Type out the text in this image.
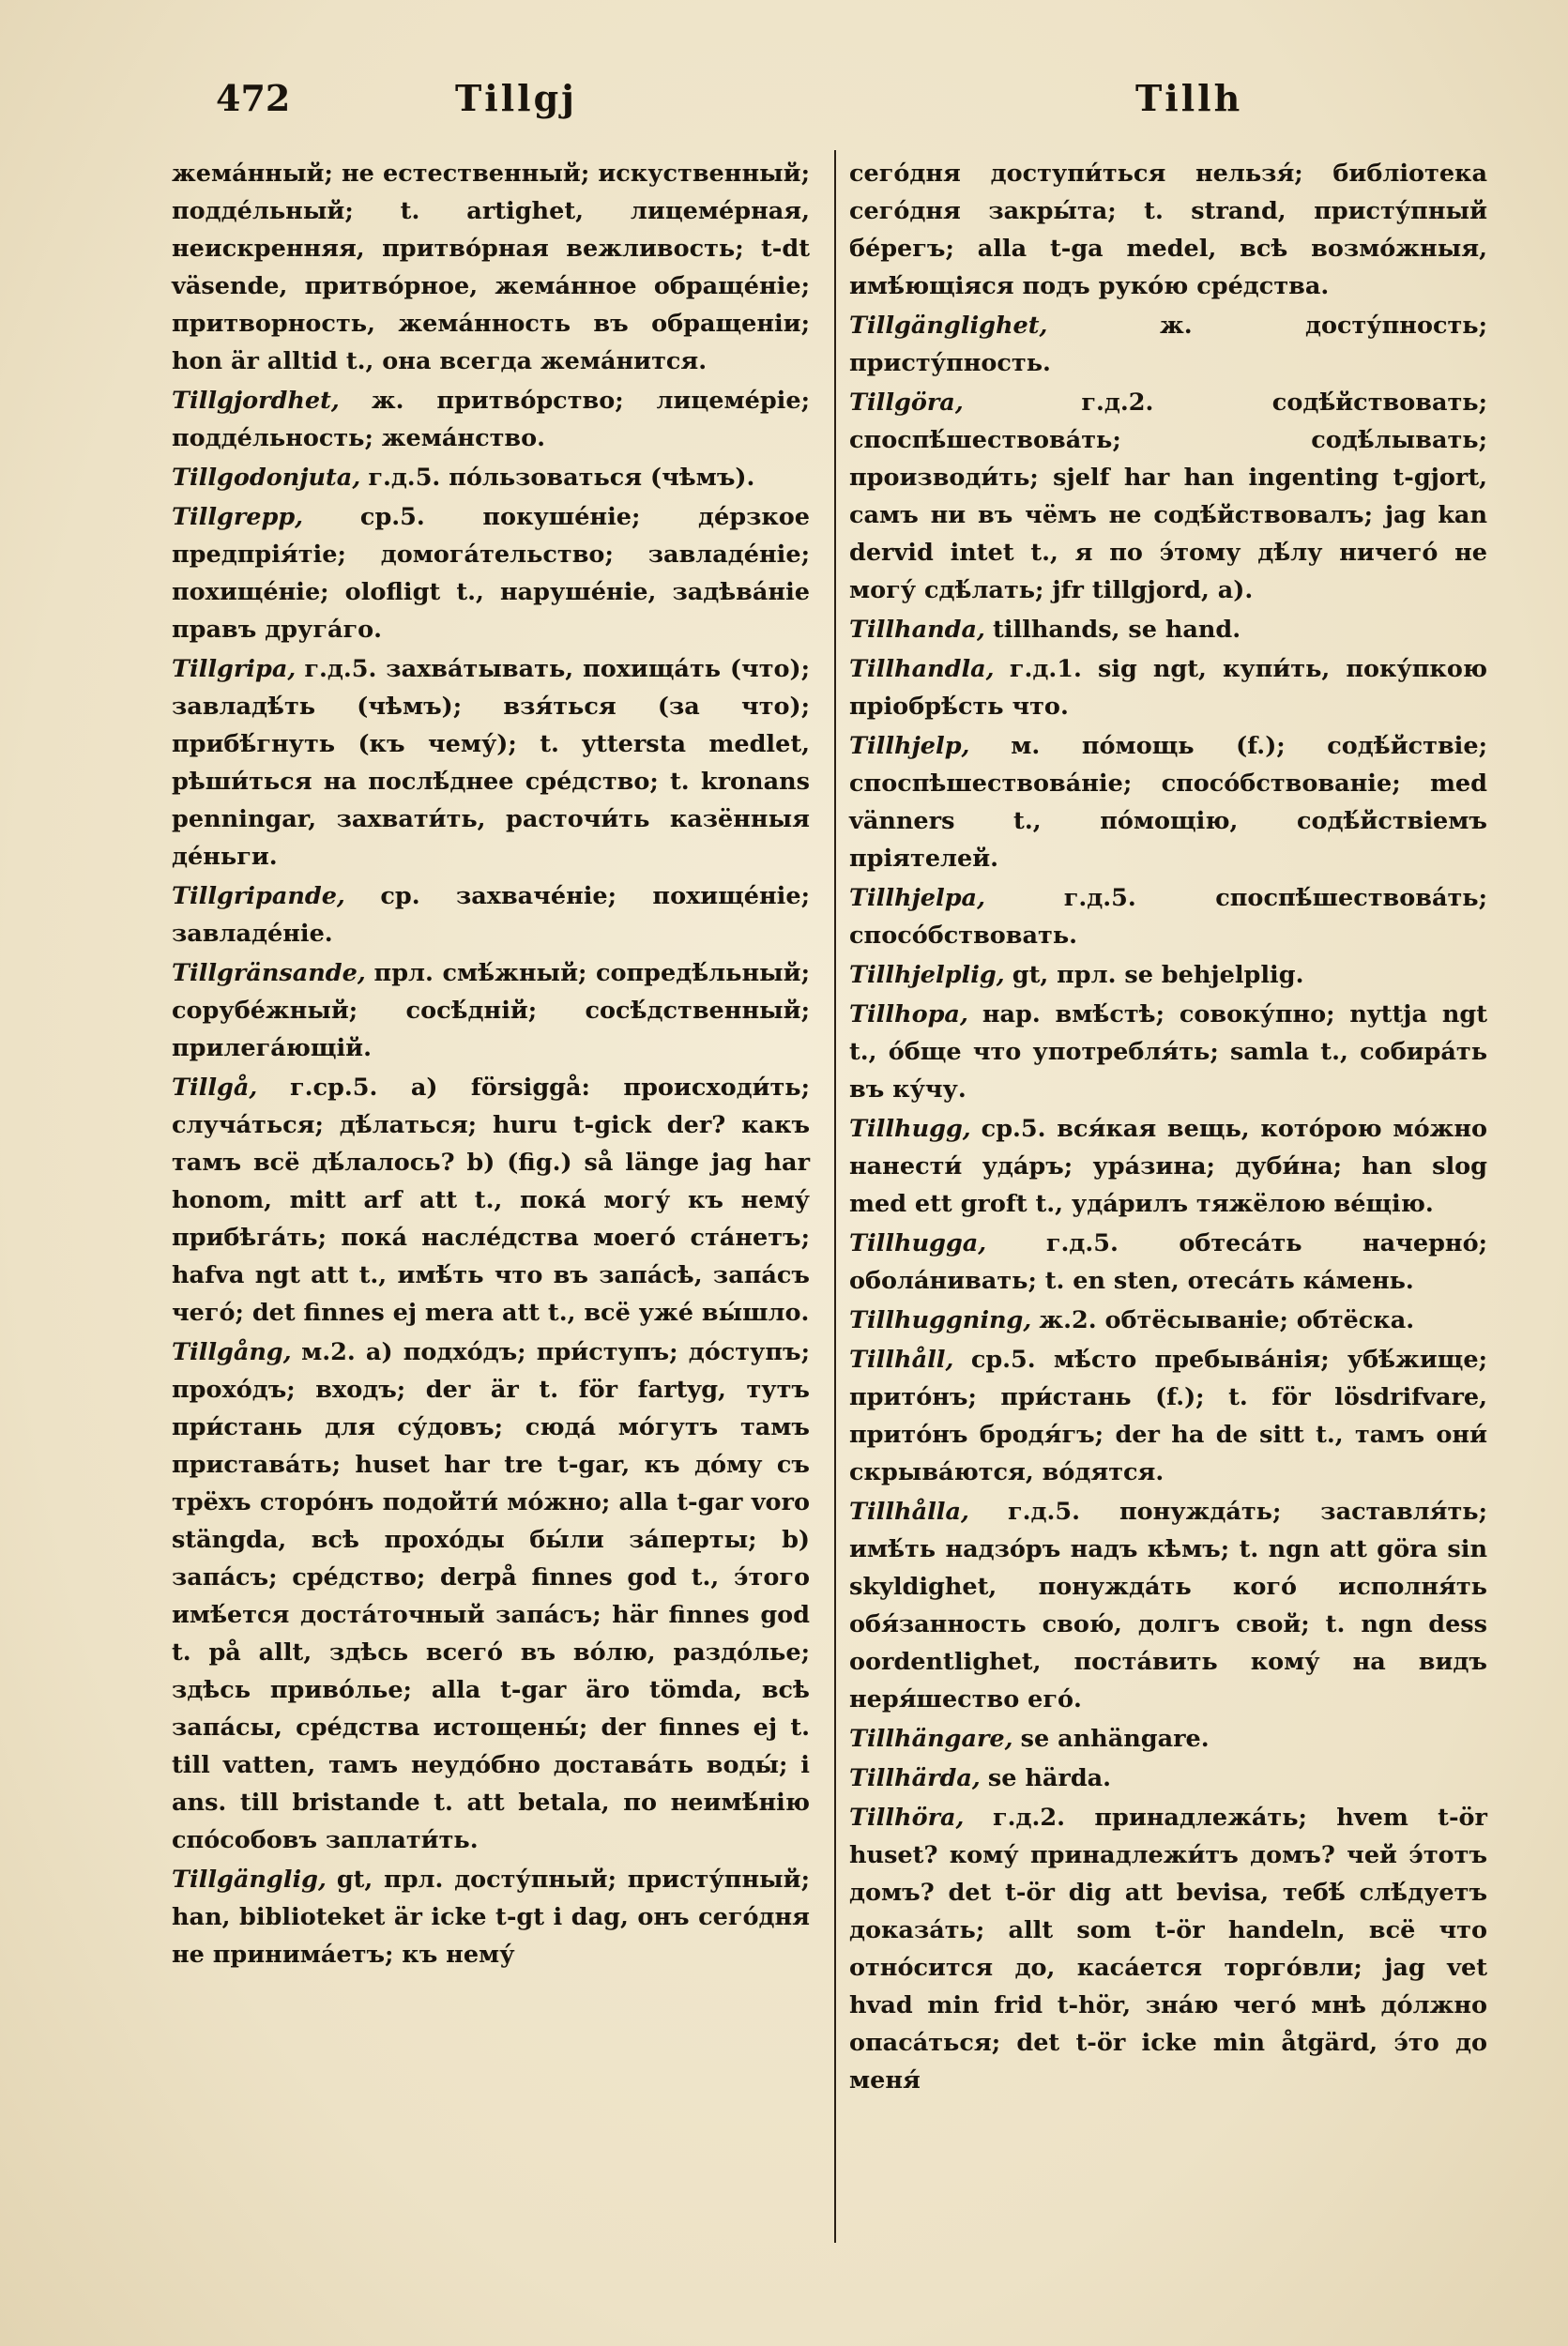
472	Tillgj	Tillh

жема́нный; не естественный; искуственный; подде́льный; t. artighet, лицеме́рная, неискренняя, притво́рная вежливость; t-dt väsende, притво́рное, жема́нное обраще́ніе; притворность, жема́нность въ обращеніи; hon är alltid t., она всегда жема́нится.

Tillgjordhet, ж. притво́рство; лицеме́ріе; подде́льность; жема́нство.

Tillgodonjuta, г.д.5. по́льзоваться (чѣмъ).

Tillgrepp, ср.5. покуше́ніе; де́рзкое предпрія́тіе; домога́тельство; завладе́ніе; похище́ніе; olofligt t., наруше́ніе, задѣва́ніе правъ друга́го.

Tillgripa, г.д.5. захва́тывать, похища́ть (что); завладѣ́ть (чѣмъ); взя́ться (за что); прибѣ́гнуть (къ чему́); t. yttersta medlet, рѣши́ться на послѣ́днее сре́дство; t. kronans penningar, захвати́ть, расточи́ть казённыя де́ньги.

Tillgripande, ср. захваче́ніе; похище́ніе; завладе́ніе.

Tillgränsande, прл. смѣ́жный; сопредѣ́льный; сорубе́жный; сосѣ́дній; сосѣ́дственный; прилега́ющій.

Tillgå, г.ср.5. a) försiggå: происходи́ть; случа́ться; дѣ́латься; huru t-gick der? какъ тамъ всё дѣ́лалось? b) (fig.) så länge jag har honom, mitt arf att t., пока́ могу́ къ нему́ прибѣга́ть; пока́ насле́дства моего́ ста́нетъ; hafva ngt att t., имѣ́ть что въ запа́сѣ, запа́съ чего́; det finnes ej mera att t., всё уже́ вы́шло.

Tillgång, м.2. a) подхо́дъ; при́ступъ; до́ступъ; прохо́дъ; входъ; der är t. för fartyg, тутъ при́стань для су́довъ; сюда́ мо́гутъ тамъ пристава́ть; huset har tre t-gar, къ до́му съ трёхъ сторо́нъ подойти́ мо́жно; alla t-gar voro stängda, всѣ прохо́ды бы́ли за́перты; b) запа́съ; сре́дство; derpå finnes god t., э́того имѣ́ется доста́точный запа́съ; här finnes god t. på allt, здѣсь всего́ въ во́лю, раздо́лье; здѣсь приво́лье; alla t-gar äro tömda, всѣ запа́сы, сре́дства истощены́; der finnes ej t. till vatten, тамъ неудо́бно достава́ть воды́; i ans. till bristande t. att betala, по неимѣ́нію спо́собовъ заплати́ть.

Tillgänglig, gt, прл. досту́пный; присту́пный; han, biblioteket är icke t-gt i dag, онъ сего́дня не принима́етъ; къ нему́

сего́дня доступи́ться нельзя́; библіотека сего́дня закры́та; t. strand, присту́пный бе́регъ; alla t-ga medel, всѣ возмо́жныя, имѣ́ющіяся подъ руко́ю сре́дства.

Tillgänglighet,	ж. досту́пность; присту́пность.

Tillgöra,	г.д.2. содѣ́йствовать; споспѣ́шествова́ть; содѣ́лывать; производи́ть; sjelf har han ingenting t-gjort, самъ ни въ чёмъ не содѣ́йствовалъ; jag kan dervid intet t., я по э́тому дѣ́лу ничего́ не могу́ сдѣ́лать; jfr tillgjord, a).

Tillhanda, tillhands, se hand.

Tillhandla, г.д.1. sig ngt, купи́ть, поку́пкою пріобрѣ́сть что.

Tillhjelp, м. по́мощь (f.); содѣ́йствіе; споспѣшествова́ніе; спосо́бствованіе; med vänners t., по́мощію, содѣ́йствіемъ пріятелей.

Tillhjelpa,	г.д.5. споспѣ́шествова́ть; спосо́бствовать.

Tillhjelplig, gt, прл. se behjelplig.

Tillhopa, нар. вмѣ́стѣ; совоку́пно; nyttja ngt t., о́бще что употребля́ть; samla t., собира́ть въ ку́чу.

Tillhugg, ср.5. вся́кая вещь, кото́рою мо́жно нанести́ уда́ръ; ура́зина; дуби́на; han slog med ett groft t., уда́рилъ тяжёлою ве́щію.

Tillhugga, г.д.5. обтеса́ть начерно́; обола́нивать; t. en sten, отеса́ть ка́мень.

Tillhuggning, ж.2. обтёсываніе; обтёска.

Tillhåll, ср.5. мѣ́сто пребыва́нія; убѣ́жище; прито́нъ; при́стань (f.); t. för lösdrifvare, прито́нъ бродя́гъ; der ha de sitt t., тамъ они́ скрыва́ются, во́дятся.

Tillhålla, г.д.5. понужда́ть; заставля́ть; имѣ́ть надзо́ръ надъ кѣмъ; t. ngn att göra sin skyldighet, понужда́ть кого́ исполня́ть обя́занность свою́, долгъ свой; t. ngn dess oordentlighet, поста́вить кому́ на видъ неря́шество его́.

Tillhängare, se anhängare.

Tillhärda, se härda.

Tillhöra, г.д.2. принадлежа́ть; hvem t-ör huset? кому́ принадлежи́тъ домъ? чей э́тотъ домъ? det t-ör dig att bevisa, тебѣ́ слѣ́дуетъ доказа́ть; allt som t-ör handeln, всё что отно́сится до, каса́ется торго́вли; jag vet hvad min frid t-hör, зна́ю чего́ мнѣ до́лжно опаса́ться; det t-ör icke min åtgärd, э́то до меня́
